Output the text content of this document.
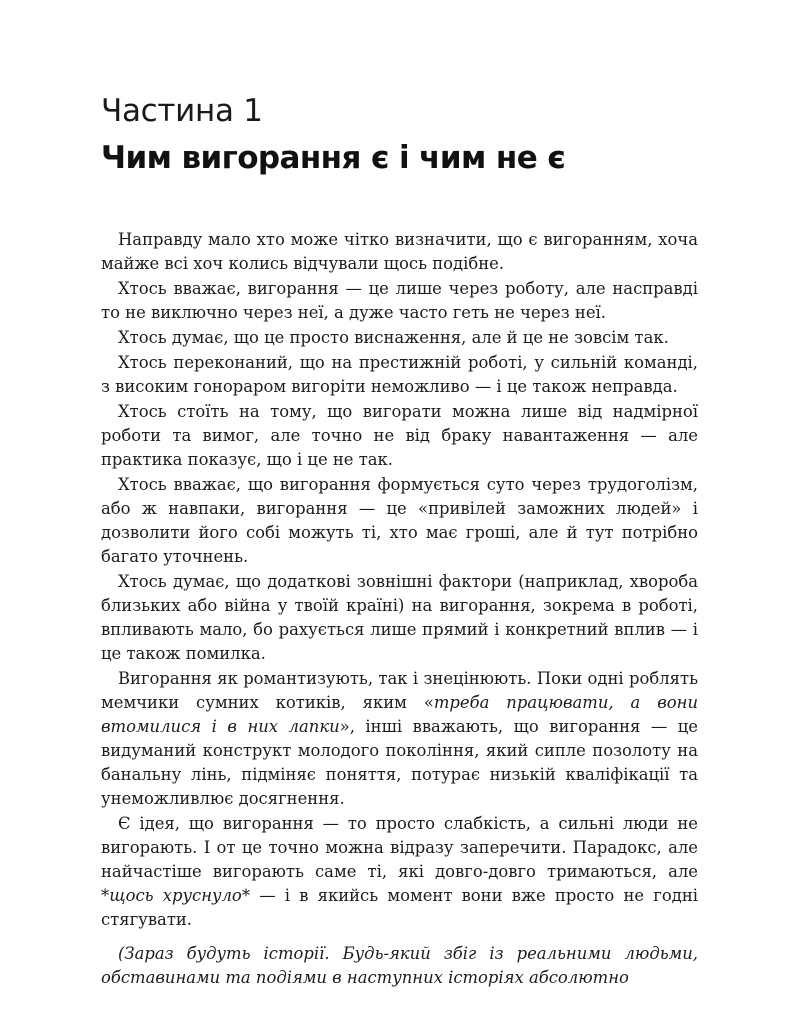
Частина 1
Чим вигорання є і чим не є

Направду мало хто може чітко визначити, що є вигоранням, хоча майже всі хоч колись відчували щось подібне.

Хтось вважає, вигорання — це лише через роботу, але насправді то не виключно через неї, а дуже часто геть не через неї.

Хтось думає, що це просто виснаження, але й це не зовсім так.

Хтось переконаний, що на престижній роботі, у сильній команді, з високим гонораром вигоріти неможливо — і це також неправда.

Хтось стоїть на тому, що вигорати можна лише від надмірної роботи та вимог, але точно не від браку навантаження — але практика показує, що і це не так.

Хтось вважає, що вигорання формується суто через трудоголізм, або ж навпаки, вигорання — це «привілей заможних людей» і дозволити його собі можуть ті, хто має гроші, але й тут потрібно багато уточнень.

Хтось думає, що додаткові зовнішні фактори (наприклад, хвороба близьких або війна у твоїй країні) на вигорання, зокрема в роботі, впливають мало, бо рахується лише прямий і конкретний вплив — і це також помилка.

Вигорання як романтизують, так і знецінюють. Поки одні роблять мемчики сумних котиків, яким «треба працювати, а вони втомилися і в них лапки», інші вважають, що вигорання — це видуманий конструкт молодого покоління, який сипле позолоту на банальну лінь, підміняє поняття, потурає низькій кваліфікації та унеможливлює досягнення.

Є ідея, що вигорання — то просто слабкість, а сильні люди не вигорають. І от це точно можна відразу заперечити. Парадокс, але найчастіше вигорають саме ті, які довго-довго тримаються, але *щось хруснуло* — і в якийсь момент вони вже просто не годні стягувати.

(Зараз будуть історії. Будь-який збіг із реальними людьми, обставинами та подіями в наступних історіях абсолютно
